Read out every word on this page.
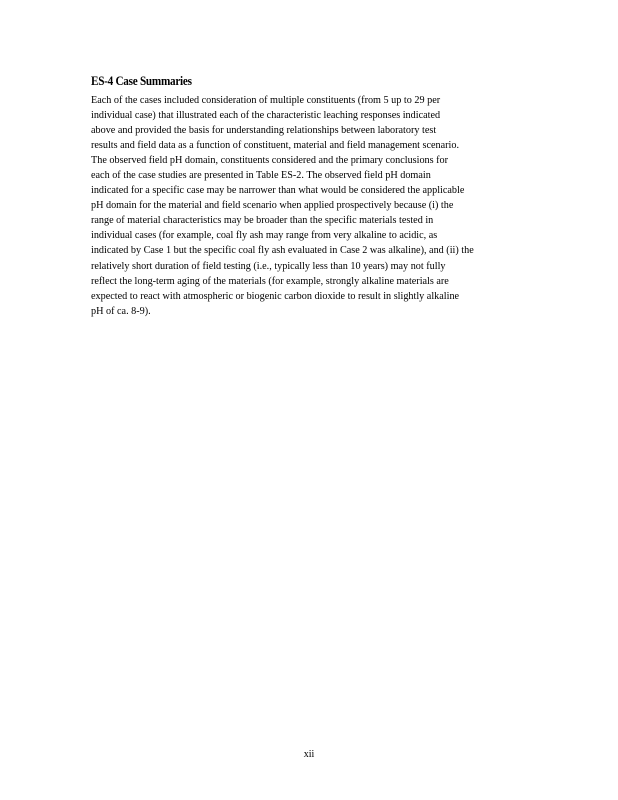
ES‑4 Case Summaries

Each of the cases included consideration of multiple constituents (from 5 up to 29 per
individual case) that illustrated each of the characteristic leaching responses indicated
above and provided the basis for understanding relationships between laboratory test
results and field data as a function of constituent, material and field management scenario.
The observed field pH domain, constituents considered and the primary conclusions for
each of the case studies are presented in Table ES‑2. The observed field pH domain
indicated for a specific case may be narrower than what would be considered the applicable
pH domain for the material and field scenario when applied prospectively because (i) the
range of material characteristics may be broader than the specific materials tested in
individual cases (for example, coal fly ash may range from very alkaline to acidic, as
indicated by Case 1 but the specific coal fly ash evaluated in Case 2 was alkaline), and (ii) the
relatively short duration of field testing (i.e., typically less than 10 years) may not fully
reflect the long‑term aging of the materials (for example, strongly alkaline materials are
expected to react with atmospheric or biogenic carbon dioxide to result in slightly alkaline
pH of ca. 8‑9).

xii
